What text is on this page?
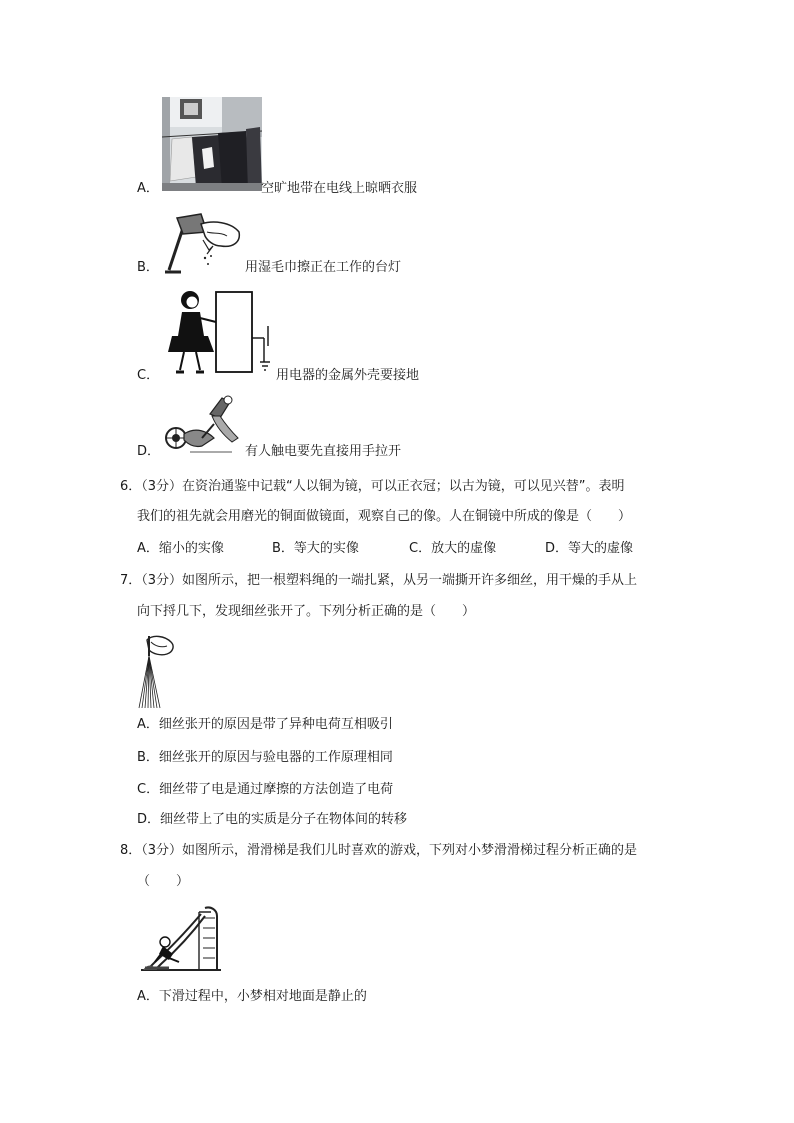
A．	空旷地带在电线上晾晒衣服
B．	用湿毛巾擦正在工作的台灯
C．	用电器的金属外壳要接地
D．	有人触电要先直接用手拉开
6．（3分）在资治通鉴中记载“人以铜为镜，可以正衣冠；以古为镜，可以见兴替”。表明
我们的祖先就会用磨光的铜面做镜面，观察自己的像。人在铜镜中所成的像是（　　）
A．缩小的实像	B．等大的实像	C．放大的虚像	D．等大的虚像
7．（3分）如图所示，把一根塑料绳的一端扎紧，从另一端撕开许多细丝，用干燥的手从上
向下捋几下，发现细丝张开了。下列分析正确的是（　　）
A．细丝张开的原因是带了异种电荷互相吸引
B．细丝张开的原因与验电器的工作原理相同
C．细丝带了电是通过摩擦的方法创造了电荷
D．细丝带上了电的实质是分子在物体间的转移
8．（3分）如图所示，滑滑梯是我们儿时喜欢的游戏，下列对小梦滑滑梯过程分析正确的是
（　　）
A．下滑过程中，小梦相对地面是静止的
